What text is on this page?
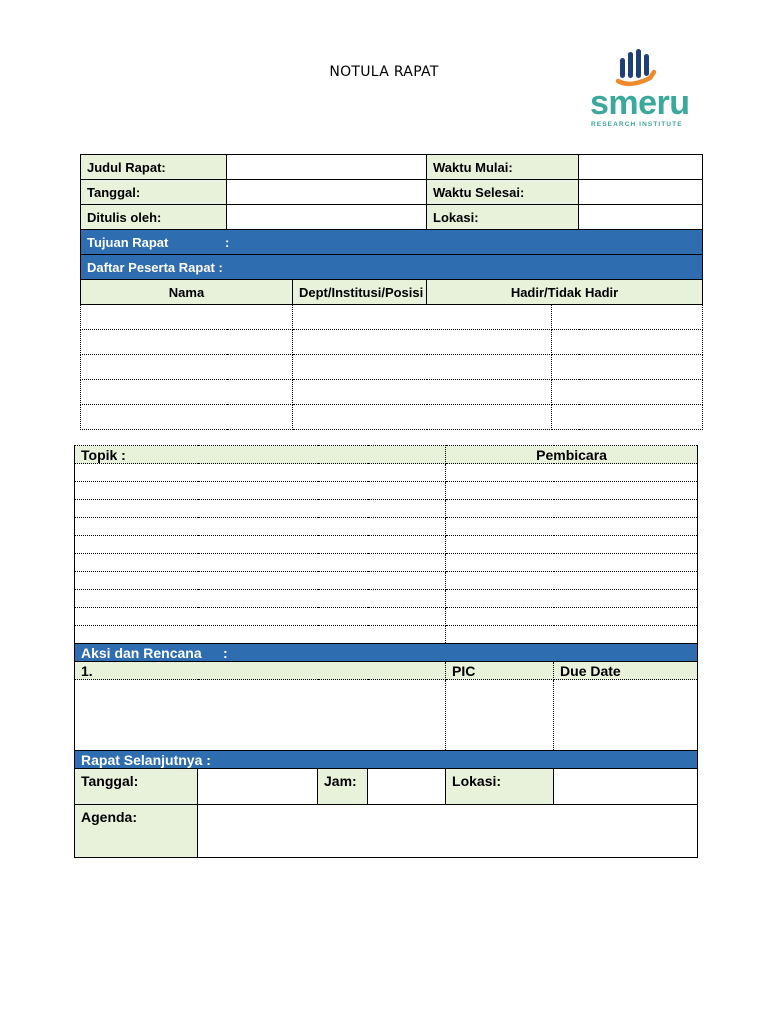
NOTULA RAPAT
smeru
RESEARCH INSTITUTE
Judul Rapat:			Waktu Mulai:		
Tanggal:			Waktu Selesai:		
Ditulis oleh:			Lokasi:		
Tujuan Rapat :					
Daftar Peserta Rapat :					
Nama		Dept/Institusi/Posisi	Hadir/Tidak Hadir		

Topik :				Pembicara	

Aksi dan Rencana :					
1.				PIC	Due Date

Rapat Selanjutnya :					
Tanggal:		Jam:		Lokasi:	
Agenda:					
